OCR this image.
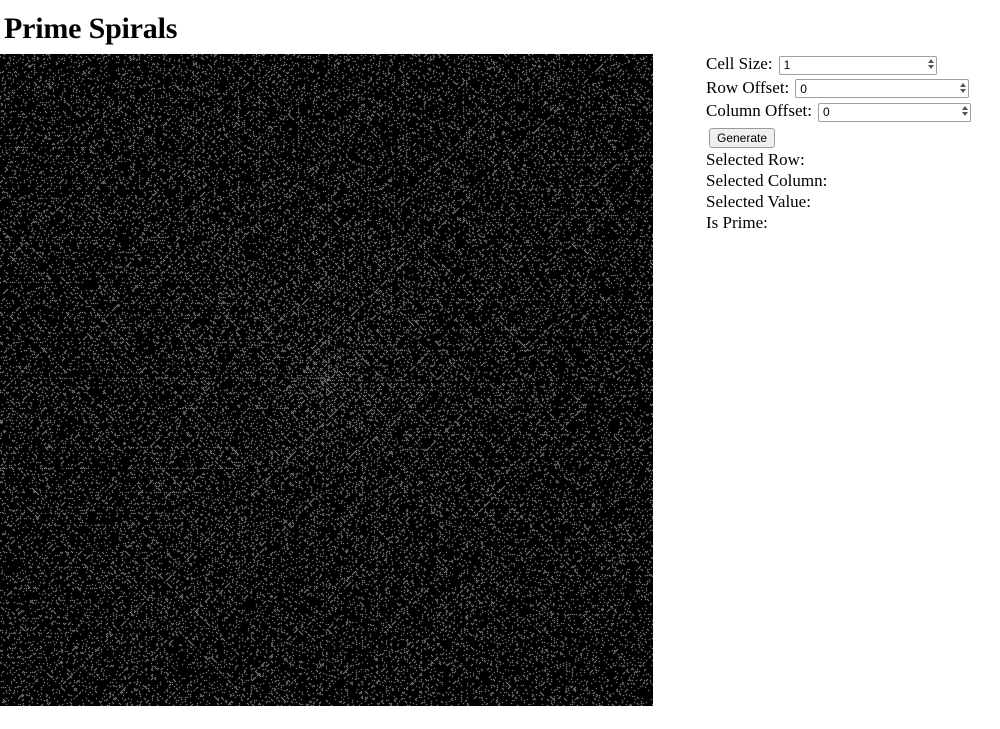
Prime Spirals
Cell Size:
1
Row Offset:
0
Column Offset:
0
Generate
Selected Row:
Selected Column:
Selected Value:
Is Prime:
